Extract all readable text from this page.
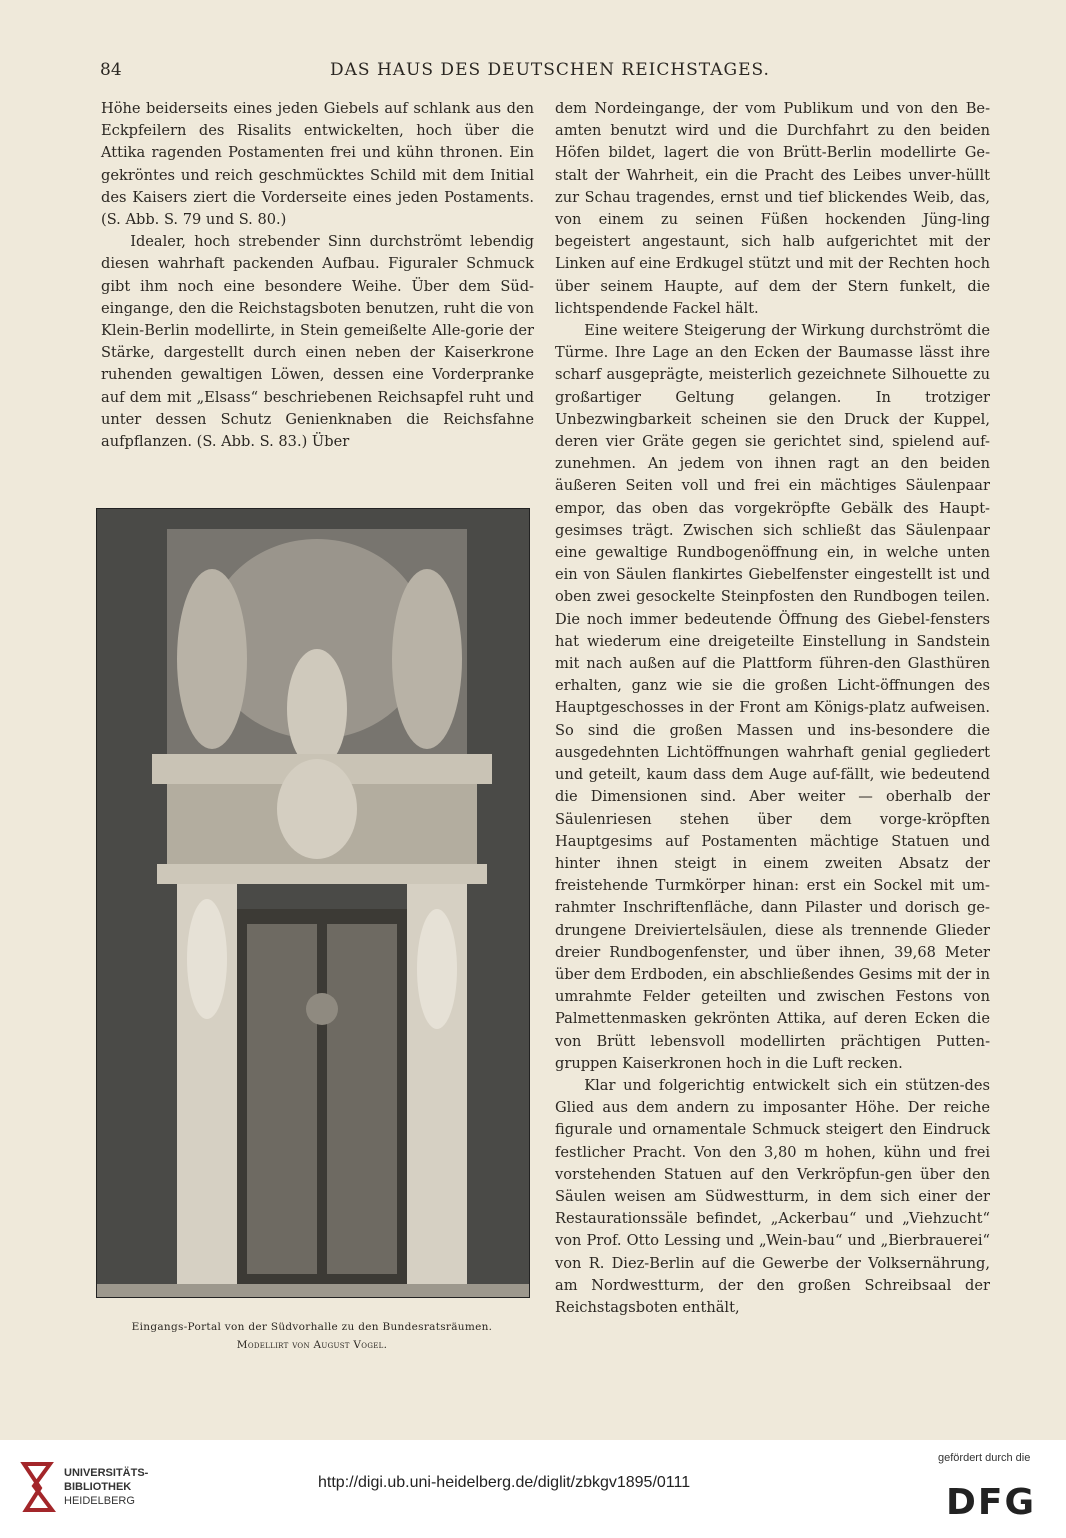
84	DAS HAUS DES DEUTSCHEN REICHSTAGES.

Höhe beiderseits eines jeden Giebels auf schlank aus den Eckpfeilern des Risalits entwickelten, hoch über die Attika ragenden Postamenten frei und kühn thronen. Ein gekröntes und reich geschmücktes Schild mit dem Initial des Kaisers ziert die Vorderseite eines jeden Postaments. (S. Abb. S. 79 und S. 80.)

Idealer, hoch strebender Sinn durchströmt lebendig diesen wahrhaft packenden Aufbau. Figuraler Schmuck gibt ihm noch eine besondere Weihe. Über dem Süd-eingange, den die Reichstagsboten benutzen, ruht die von Klein-Berlin modellirte, in Stein gemeißelte Alle-gorie der Stärke, dargestellt durch einen neben der Kaiserkrone ruhenden gewaltigen Löwen, dessen eine Vorderpranke auf dem mit „Elsass“ beschriebenen Reichsapfel ruht und unter dessen Schutz Genienknaben die Reichsfahne aufpflanzen. (S. Abb. S. 83.) Über

Eingangs-Portal von der Südvorhalle zu den Bundesratsräumen.
Modellirt von August Vogel.

dem Nordeingange, der vom Publikum und von den Be-amten benutzt wird und die Durchfahrt zu den beiden Höfen bildet, lagert die von Brütt-Berlin modellirte Ge-stalt der Wahrheit, ein die Pracht des Leibes unver-hüllt zur Schau tragendes, ernst und tief blickendes Weib, das, von einem zu seinen Füßen hockenden Jüng-ling begeistert angestaunt, sich halb aufgerichtet mit der Linken auf eine Erdkugel stützt und mit der Rechten hoch über seinem Haupte, auf dem der Stern funkelt, die lichtspendende Fackel hält.

Eine weitere Steigerung der Wirkung durchströmt die Türme. Ihre Lage an den Ecken der Baumasse lässt ihre scharf ausgeprägte, meisterlich gezeichnete Silhouette zu großartiger Geltung gelangen. In trotziger Unbezwingbarkeit scheinen sie den Druck der Kuppel, deren vier Gräte gegen sie gerichtet sind, spielend auf-zunehmen. An jedem von ihnen ragt an den beiden äußeren Seiten voll und frei ein mächtiges Säulenpaar empor, das oben das vorgekröpfte Gebälk des Haupt-gesimses trägt. Zwischen sich schließt das Säulenpaar eine gewaltige Rundbogenöffnung ein, in welche unten ein von Säulen flankirtes Giebelfenster eingestellt ist und oben zwei gesockelte Steinpfosten den Rundbogen teilen. Die noch immer bedeutende Öffnung des Giebel-fensters hat wiederum eine dreigeteilte Einstellung in Sandstein mit nach außen auf die Plattform führen-den Glasthüren erhalten, ganz wie sie die großen Licht-öffnungen des Hauptgeschosses in der Front am Königs-platz aufweisen. So sind die großen Massen und ins-besondere die ausgedehnten Lichtöffnungen wahrhaft genial gegliedert und geteilt, kaum dass dem Auge auf-fällt, wie bedeutend die Dimensionen sind. Aber weiter — oberhalb der Säulenriesen stehen über dem vorge-kröpften Hauptgesims auf Postamenten mächtige Statuen und hinter ihnen steigt in einem zweiten Absatz der freistehende Turmkörper hinan: erst ein Sockel mit um-rahmter Inschriftenfläche, dann Pilaster und dorisch ge-drungene Dreiviertelsäulen, diese als trennende Glieder dreier Rundbogenfenster, und über ihnen, 39,68 Meter über dem Erdboden, ein abschließendes Gesims mit der in umrahmte Felder geteilten und zwischen Festons von Palmettenmasken gekrönten Attika, auf deren Ecken die von Brütt lebensvoll modellirten prächtigen Putten-gruppen Kaiserkronen hoch in die Luft recken.

Klar und folgerichtig entwickelt sich ein stützen-des Glied aus dem andern zu imposanter Höhe. Der reiche figurale und ornamentale Schmuck steigert den Eindruck festlicher Pracht. Von den 3,80 m hohen, kühn und frei vorstehenden Statuen auf den Verkröpfun-gen über den Säulen weisen am Südwestturm, in dem sich einer der Restaurationssäle befindet, „Ackerbau“ und „Viehzucht“ von Prof. Otto Lessing und „Wein-bau“ und „Bierbrauerei“ von R. Diez-Berlin auf die Gewerbe der Volksernährung, am Nordwestturm, der den großen Schreibsaal der Reichstagsboten enthält,

UNIVERSITÄTS-
BIBLIOTHEK
HEIDELBERG
http://digi.ub.uni-heidelberg.de/diglit/zbkgv1895/0111
gefördert durch die
DFG
